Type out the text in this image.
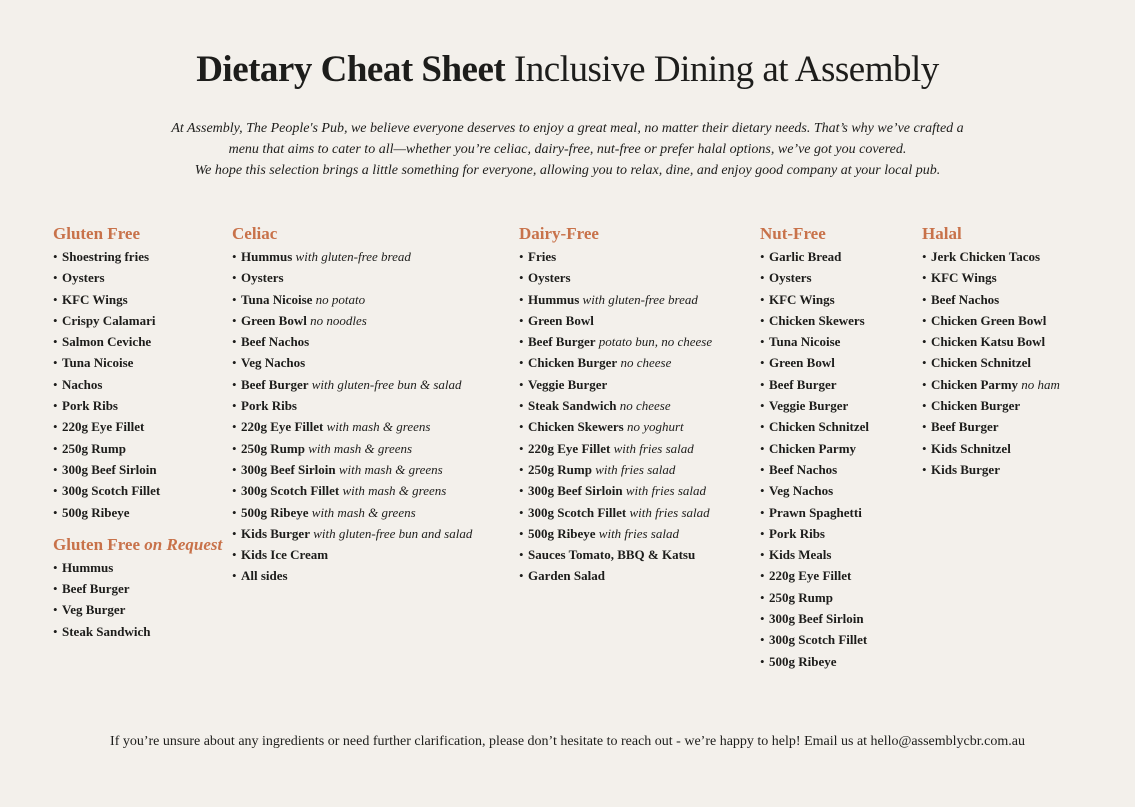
Dietary Cheat Sheet Inclusive Dining at Assembly
At Assembly, The People's Pub, we believe everyone deserves to enjoy a great meal, no matter their dietary needs. That’s why we’ve crafted a
menu that aims to cater to all—whether you’re celiac, dairy-free, nut-free or prefer halal options, we’ve got you covered.
We hope this selection brings a little something for everyone, allowing you to relax, dine, and enjoy good company at your local pub.
Gluten Free
• Shoestring fries
• Oysters
• KFC Wings
• Crispy Calamari
• Salmon Ceviche
• Tuna Nicoise
• Nachos
• Pork Ribs
• 220g Eye Fillet
• 250g Rump
• 300g Beef Sirloin
• 300g Scotch Fillet
• 500g Ribeye
Gluten Free on Request
• Hummus
• Beef Burger
• Veg Burger
• Steak Sandwich
Celiac
• Hummus with gluten-free bread
• Oysters
• Tuna Nicoise no potato
• Green Bowl no noodles
• Beef Nachos
• Veg Nachos
• Beef Burger with gluten-free bun & salad
• Pork Ribs
• 220g Eye Fillet with mash & greens
• 250g Rump with mash & greens
• 300g Beef Sirloin with mash & greens
• 300g Scotch Fillet with mash & greens
• 500g Ribeye with mash & greens
• Kids Burger with gluten-free bun and salad
• Kids Ice Cream
• All sides
Dairy-Free
• Fries
• Oysters
• Hummus with gluten-free bread
• Green Bowl
• Beef Burger potato bun, no cheese
• Chicken Burger no cheese
• Veggie Burger
• Steak Sandwich no cheese
• Chicken Skewers no yoghurt
• 220g Eye Fillet with fries salad
• 250g Rump with fries salad
• 300g Beef Sirloin with fries salad
• 300g Scotch Fillet with fries salad
• 500g Ribeye with fries salad
• Sauces Tomato, BBQ & Katsu
• Garden Salad
Nut-Free
• Garlic Bread
• Oysters
• KFC Wings
• Chicken Skewers
• Tuna Nicoise
• Green Bowl
• Beef Burger
• Veggie Burger
• Chicken Schnitzel
• Chicken Parmy
• Beef Nachos
• Veg Nachos
• Prawn Spaghetti
• Pork Ribs
• Kids Meals
• 220g Eye Fillet
• 250g Rump
• 300g Beef Sirloin
• 300g Scotch Fillet
• 500g Ribeye
Halal
• Jerk Chicken Tacos
• KFC Wings
• Beef Nachos
• Chicken Green Bowl
• Chicken Katsu Bowl
• Chicken Schnitzel
• Chicken Parmy no ham
• Chicken Burger
• Beef Burger
• Kids Schnitzel
• Kids Burger
If you’re unsure about any ingredients or need further clarification, please don’t hesitate to reach out - we’re happy to help! Email us at hello@assemblycbr.com.au
